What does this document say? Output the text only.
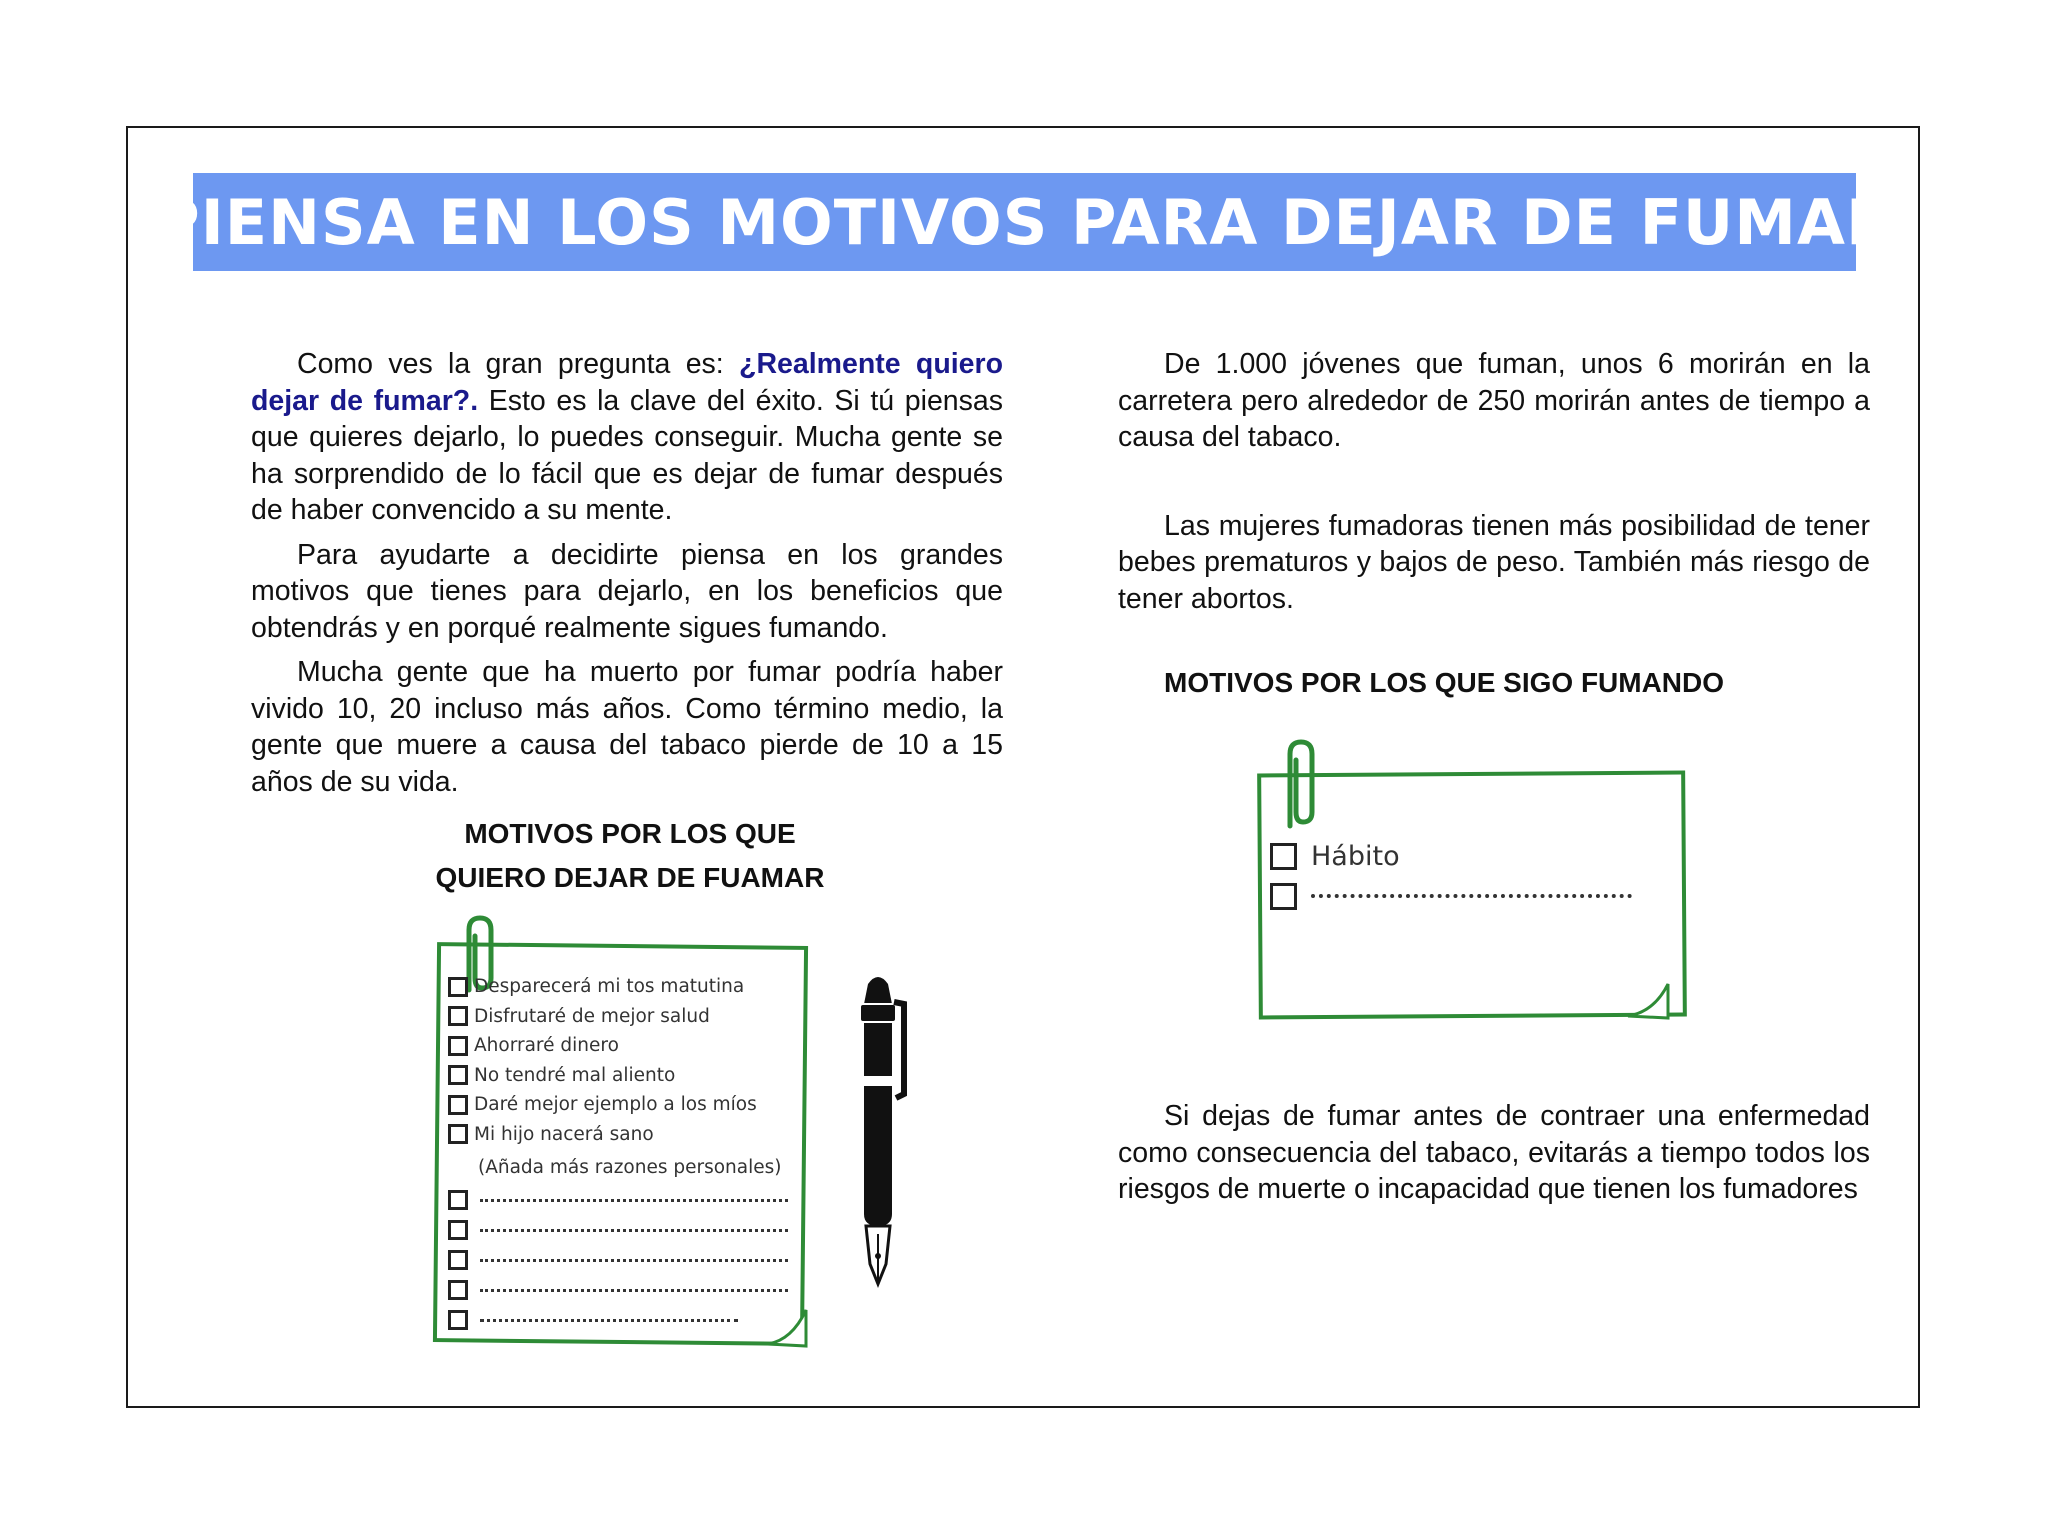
PIENSA EN LOS MOTIVOS PARA DEJAR DE FUMAR

Como ves la gran pregunta es: ¿Realmente quiero dejar de fumar?. Esto es la clave del éxito. Si tú piensas que quieres dejarlo, lo puedes conseguir. Mucha gente se ha sorprendido de lo fácil que es dejar de fumar después de haber convencido a su mente.

Para ayudarte a decidirte piensa en los grandes motivos que tienes para dejarlo, en los beneficios que obtendrás y en porqué realmente sigues fumando.

Mucha gente que ha muerto por fumar podría haber vivido 10, 20 incluso más años. Como término medio, la gente que muere a causa del tabaco pierde de 10 a 15 años de su vida.

MOTIVOS POR LOS QUE
QUIERO DEJAR DE FUAMAR
Desparecerá mi tos matutina
Disfrutaré de mejor salud
Ahorraré dinero
No tendré mal aliento
Daré mejor ejemplo a los míos
Mi hijo nacerá sano
(Añada más razones personales)

De 1.000 jóvenes que fuman, unos 6 morirán en la carretera pero alrededor de 250 morirán antes de tiempo a causa del tabaco.

Las mujeres fumadoras tienen más posibilidad de tener bebes prematuros y bajos de peso. También más riesgo de tener abortos.

MOTIVOS POR LOS QUE SIGO FUMANDO
Hábito

Si dejas de fumar antes de contraer una enfermedad como consecuencia del tabaco, evitarás a tiempo todos los riesgos de muerte o incapacidad que tienen los fumadores
